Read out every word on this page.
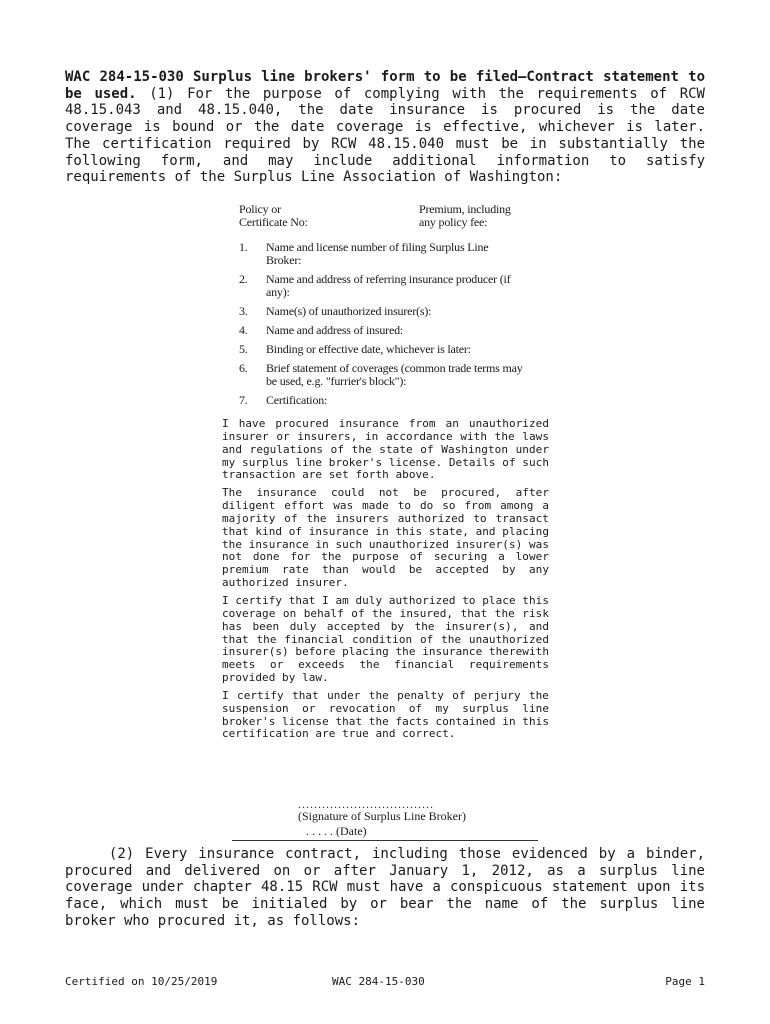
WAC 284-15-030 Surplus line brokers' form to be filed—Contract statement to be used. (1) For the purpose of complying with the requirements of RCW 48.15.043 and 48.15.040, the date insurance is procured is the date coverage is bound or the date coverage is effective, whichever is later. The certification required by RCW 48.15.040 must be in substantially the following form, and may include additional information to satisfy requirements of the Surplus Line Association of Washington:

Policy or
Certificate No:
Premium, including
any policy fee:
1. Name and license number of filing Surplus Line Broker:
2. Name and address of referring insurance producer (if any):
3. Name(s) of unauthorized insurer(s):
4. Name and address of insured:
5. Binding or effective date, whichever is later:
6. Brief statement of coverages (common trade terms may be used, e.g. "furrier's block"):
7. Certification:

I have procured insurance from an unauthorized insurer or insurers, in accordance with the laws and regulations of the state of Washington under my surplus line broker's license. Details of such transaction are set forth above.

The insurance could not be procured, after diligent effort was made to do so from among a majority of the insurers authorized to transact that kind of insurance in this state, and placing the insurance in such unauthorized insurer(s) was not done for the purpose of securing a lower premium rate than would be accepted by any authorized insurer.

I certify that I am duly authorized to place this coverage on behalf of the insured, that the risk has been duly accepted by the insurer(s), and that the financial condition of the unauthorized insurer(s) before placing the insurance therewith meets or exceeds the financial requirements provided by law.

I certify that under the penalty of perjury the suspension or revocation of my surplus line broker's license that the facts contained in this certification are true and correct.

..................................
(Signature of Surplus Line Broker)
. . . . . (Date)

(2) Every insurance contract, including those evidenced by a binder, procured and delivered on or after January 1, 2012, as a surplus line coverage under chapter 48.15 RCW must have a conspicuous statement upon its face, which must be initialed by or bear the name of the surplus line broker who procured it, as follows:

Certified on 10/25/2019	WAC 284-15-030	Page 1
